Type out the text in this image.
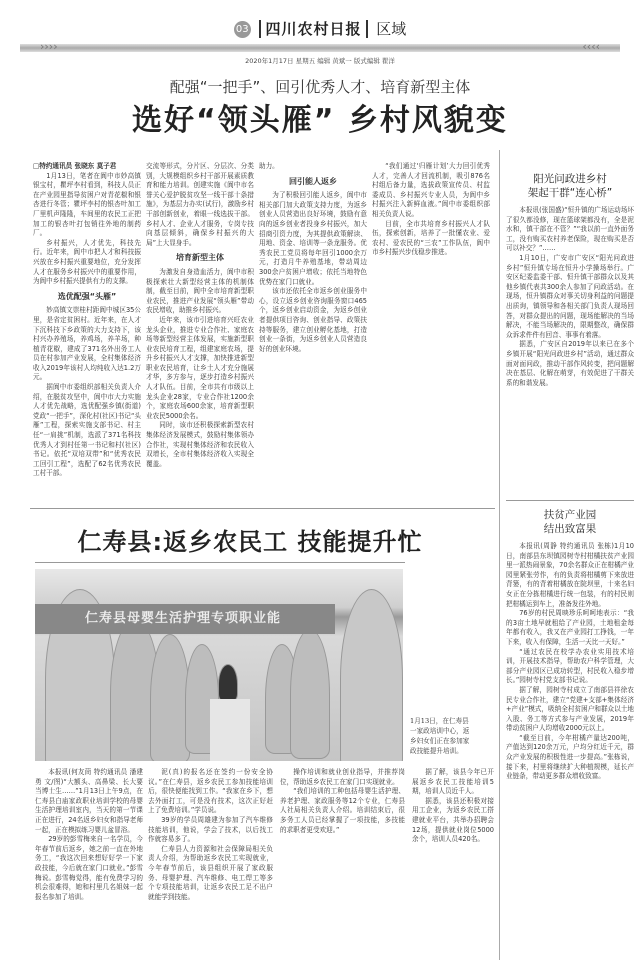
03 四川农村日报 区域
›››› ‹‹‹‹
2020年1月17日 星期五 编辑 黄斌一 版式编辑 瞿洋
配强“一把手”、回引优秀人才、培育新型主体
选好“领头雁” 乡村风貌变

□特约通讯员 张晓东 莫子君

1月13日，笔者在阆中市妙高镇银宝村，瞿坪李村看到，科技人员正在产业园里指导贫困户对青花椒和银杏进行冬管；瞿坪李村的银杏叶加工厂里机声隆隆，车间里的农民工正把加工的银杏叶打包销往外地的制药厂。

乡村振兴，人才优先，科技先行。近年来，阆中市把人才和科技振兴放在乡村振兴重要地位，充分发挥人才在服务乡村振兴中的重要作用，为阆中乡村振兴提供有力的支撑。

选优配强“头雁”

妙高镇文崇桂村距阆中城区35公里，是省定贫困村。近年来，在人才下沉科技下乡政策的大力支持下，该村兴办养殖场，养鸡场，养羊场，种植青花椒，建成了371名外出务工人员在村参加产业发展，全村集体经济收入2019年该村人均纯收入达1.2万元。

据阆中市委组织部相关负责人介绍，在脱贫攻坚中，阆中市大力实施人才优先战略，选优配强乡镇(街道)党政“一把手”，深化村(社区)书记“头雁”工程，探索实施支部书记、村主任“一肩挑”机制，选派了371名科技优秀人才到村任第一书记和村(社区)书记。依托“双培双带”和“优秀农民工回引工程”，选配了62名优秀农民工村干部。

交流等形式，分片区、分层次、分类别，大规模组织乡村干部开展素质教育和能力培训。创建实施《阆中市名誉关心爱护脱贫攻坚一线干部十条措施》，为基层力办实(试行)，激励乡村干部创新创业，着眼一线选拔干部。乡村人才、企业人才服务，专岗专技向基层倾斜，确保乡村振兴的大局”上大显身手。

培育新型主体

为激发自身造血活力，阆中市积极探索壮大新型经营主体的机制体制，截至目前，阆中全市培育新型职业农民，推进产业发展“领头雁”带动农民增收，助推乡村振兴。

近年来，该市引进培育兴旺农业龙头企业，推进专业合作社、家庭农场等新型经营主体发展，实施新型职业农民培育工程，组建家庭农场，提升乡村振兴人才支撑，加快推进新型职业农民培育，让乡土人才充分施展才华，多方参与，逐步打造乡村振兴人才队伍。目前，全市共有市级以上龙头企业28家，专业合作社1200余个，家庭农场600余家，培育新型职业农民5000余名。

同时，该市还积极探索新型农村集体经济发展模式，鼓励村集体领办合作社，实现村集体经济和农民收入双增长，全市村集体经济收入实现全覆盖。

助力。

回引能人返乡

为了积极回引能人返乡，阆中市相关部门加大政策支持力度，为返乡创业人员营造出良好环境，鼓励有意向的返乡创业者投身乡村振兴，加大招商引资力度，为其提供政策解读、用地、资金、培训等一条龙服务。优秀农民工党员将每年回引1000余万元，打造月牛养殖基地，带动周边300余户贫困户增收；依托当地特色优势在家门口就业。

该市还依托全市返乡创业服务中心，设立返乡创业咨询服务窗口465个，返乡创业启动资金，为返乡创业者提供项目咨询、创业指导、政策扶持等服务，建立创业孵化基地，打造创业一条街，为返乡创业人员营造良好的创业环境。

“我们通过‘归雁计划’大力回引优秀人才，完善人才回流机制，吸引876名村组后备力量，选拔政策宣传员、村监委成员、乡村振兴专业人员，为阆中乡村振兴注入新鲜血液。”阆中市委组织部相关负责人说。

目前，全市共培育乡村振兴人才队伍，探索创新，培养了一批懂农业、爱农村、爱农民的“三农”工作队伍，阆中市乡村振兴步伐稳步推进。

阳光问政进乡村
架起干群“连心桥”

本报讯(张国盛)“恒升镇的广场运动场坏了很久都没修，现在篮球架都没有，全是泥水和，镇干部在不管？”“我以前一直外面务工，没有购买农村养老保险，现在购买是否可以补交？”……

1月10日，广安市广安区“阳光问政进乡村”恒升镇专场在恒升小学操场举行。广安区纪委监委干部、恒升镇干部群众以及其他乡镇代表共300余人参加了问政活动。在现场，恒升镇群众对事关切身利益的问题提出质询，镇领导和各相关部门负责人现场回答，对群众提出的问题，现场能解决的当场解决，不能当场解决的，限期整改，确保群众诉求件件有回音、事事有着落。

据悉，广安区自2019年以来已在多个乡镇开展“阳光问政进乡村”活动，通过群众面对面问政，推动干部作风转变，把问题解决在基层、化解在萌芽，有效促进了干群关系的和谐发展。

扶贫产业园
结出致富果

本报讯(周静 特约通讯员 张栋)1月10日，南部县东坝镇园树寺村柑橘扶贫产业园里一派热闹景象，70余名群众正在柑橘产业园里紧张劳作，有的负责将柑橘剪下来放进背篓，有的背着柑橘放在院坝里，十来名妇女正在分拣柑橘进行统一包装，有的村民则把柑橘运到车上，准备发往外地。

76岁的村民周映珍乐呵呵地表示：“我的3亩土地早就租给了产业园，土地租金每年都有收入，我又在产业园打工挣钱，一年下来，收入有保障，生活一天比一天好。”

“通过农民在校学办农业实用技术培训，开展技术指导，帮助农户科学管理，大部分产业园区已成功转型，村民收入稳步增长。”园树寺村党支部书记说。

据了解，园树寺村成立了南部县祥徐农民专业合作社，建立“党建+支部+集体经济+产业”模式，吸纳全村贫困户和群众以土地入股、务工等方式参与产业发展，2019年带动贫困户人均增收2000元以上。

“截至目前，今年柑橘产量达200吨，产值达到120余万元，户均分红近千元，群众产业发展的积极性进一步提高。”张栋说，接下来，村里将继续扩大种植规模，延长产业链条，带动更多群众增收致富。

仁寿县:返乡农民工 技能提升忙
仁寿县母婴生活护理专项职业能
1月13日，在仁寿县一家政培训中心，返乡妇女们正在参加家政技能提升培训。

本报讯(何友茼 特约通讯员 潘建勇 文/图)“大额头、高鼻梁、长大要当博士生……”1月13日上午9点，在仁寿县白庙家政职业培训学校的母婴生活护理培训室内，当天的第一节课正在进行，24名返乡妇女和指导老师一起，正在模拟练习婴儿盆冒浴。

29岁的彭雪梅来自一名学员，今年春节前后返乡，她之前一直在外地务工，“我这次回来想好好学一下家政技能，今后就在家门口就业。”彭雪梅说。彭雪梅觉得，能有免费学习的机会很难得，她和村里几名姐妹一起报名参加了培训。

泥(真)的报名还在签约一份安全协议。”在仁寿县，返乡农民工参加技能培训后，很快便能找到工作。“我家在乡下，想去外面打工，可是没有技术，这次正好赶上了免费培训。”学员说。

39岁的学员周雄建为参加了汽车维修技能培训，他说，学会了技术，以后找工作就容易多了。

仁寿县人力资源和社会保障局相关负责人介绍，为帮助返乡农民工实现就业，今年春节前后，该县组织开展了家政服务、母婴护理、汽车维修、电工焊工等多个专项技能培训，让返乡农民工足不出户就能学到技能。

操作培训和就业创业指导，并推荐岗位，帮助返乡农民工在家门口实现就业。

“我们培训的工种包括母婴生活护理、养老护理、家政服务等12个专业，仁寿县人社局相关负责人介绍。培训结束后，很多务工人员已经掌握了一项技能，多技能的求职者更受欢迎。”

据了解，该县今年已开展返乡农民工技能培训5期，培训人员近千人。

据悉，该县还积极对接用工企业，为返乡农民工搭建就业平台，共举办招聘会12场，提供就业岗位5000余个，培训人员420名。
